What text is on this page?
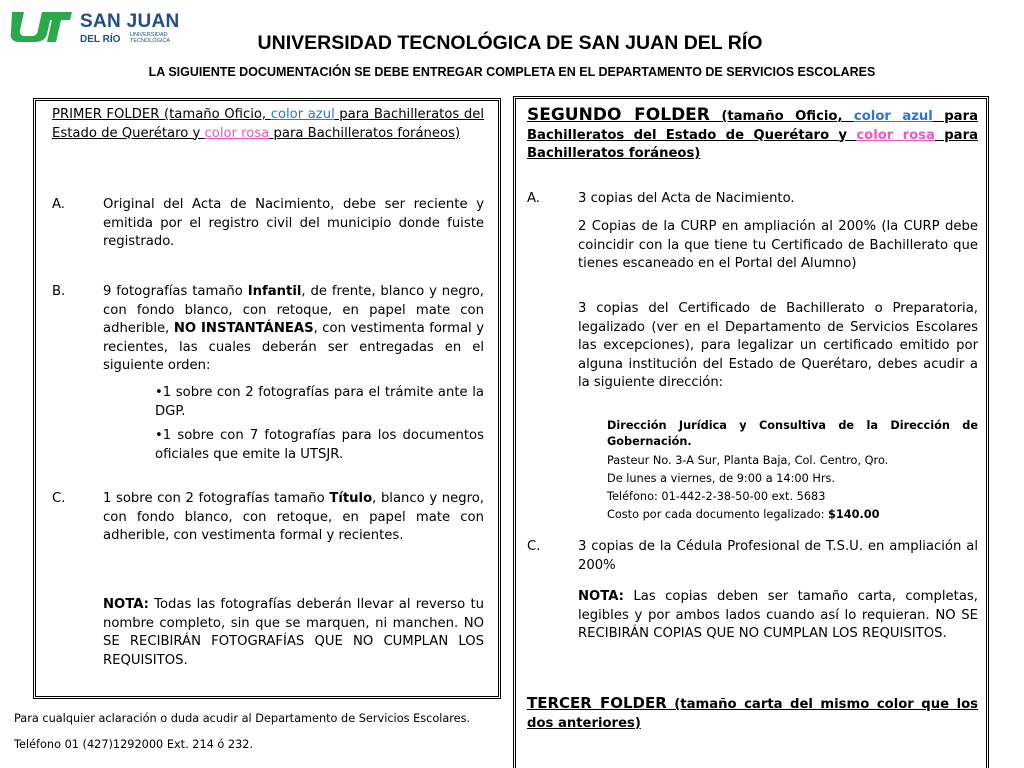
SAN JUAN
DEL RÍO UNIVERSIDAD TECNOLÓGICA	UNIVERSIDAD TECNOLÓGICA DE SAN JUAN DEL RÍO
LA SIGUIENTE DOCUMENTACIÓN SE DEBE ENTREGAR COMPLETA EN EL DEPARTAMENTO DE SERVICIOS ESCOLARES
PRIMER FOLDER (tamaño Oficio, color azul para Bachilleratos del Estado de Querétaro y color rosa para Bachilleratos foráneos)
A.	Original del Acta de Nacimiento, debe ser reciente y emitida por el registro civil del municipio donde fuiste registrado.
B.	9 fotografías tamaño Infantil, de frente, blanco y negro, con fondo blanco, con retoque, en papel mate con adherible, NO INSTANTÁNEAS, con vestimenta formal y recientes, las cuales deberán ser entregadas en el siguiente orden:
•1 sobre con 2 fotografías para el trámite ante la DGP.
•1 sobre con 7 fotografías para los documentos oficiales que emite la UTSJR.
C.	1 sobre con 2 fotografías tamaño Título, blanco y negro, con fondo blanco, con retoque, en papel mate con adherible, con vestimenta formal y recientes.
NOTA: Todas las fotografías deberán llevar al reverso tu nombre completo, sin que se marquen, ni manchen. NO SE RECIBIRÁN FOTOGRAFÍAS QUE NO CUMPLAN LOS REQUISITOS.
Para cualquier aclaración o duda acudir al Departamento de Servicios Escolares.
Teléfono 01 (427)1292000 Ext. 214 ó 232.
SEGUNDO FOLDER (tamaño Oficio, color azul para Bachilleratos del Estado de Querétaro y color rosa para Bachilleratos foráneos)
A.	3 copias del Acta de Nacimiento.
2 Copias de la CURP en ampliación al 200% (la CURP debe coincidir con la que tiene tu Certificado de Bachillerato que tienes escaneado en el Portal del Alumno)
3 copias del Certificado de Bachillerato o Preparatoria, legalizado (ver en el Departamento de Servicios Escolares las excepciones), para legalizar un certificado emitido por alguna institución del Estado de Querétaro, debes acudir a la siguiente dirección:
Dirección Jurídica y Consultiva de la Dirección de Gobernación.
Pasteur No. 3-A Sur, Planta Baja, Col. Centro, Qro.
De lunes a viernes, de 9:00 a 14:00 Hrs.
Teléfono: 01-442-2-38-50-00 ext. 5683
Costo por cada documento legalizado: $140.00
C.	3 copias de la Cédula Profesional de T.S.U. en ampliación al 200%
NOTA: Las copias deben ser tamaño carta, completas, legibles y por ambos lados cuando así lo requieran. NO SE RECIBIRÁN COPIAS QUE NO CUMPLAN LOS REQUISITOS.
TERCER FOLDER (tamaño carta del mismo color que los dos anteriores)
